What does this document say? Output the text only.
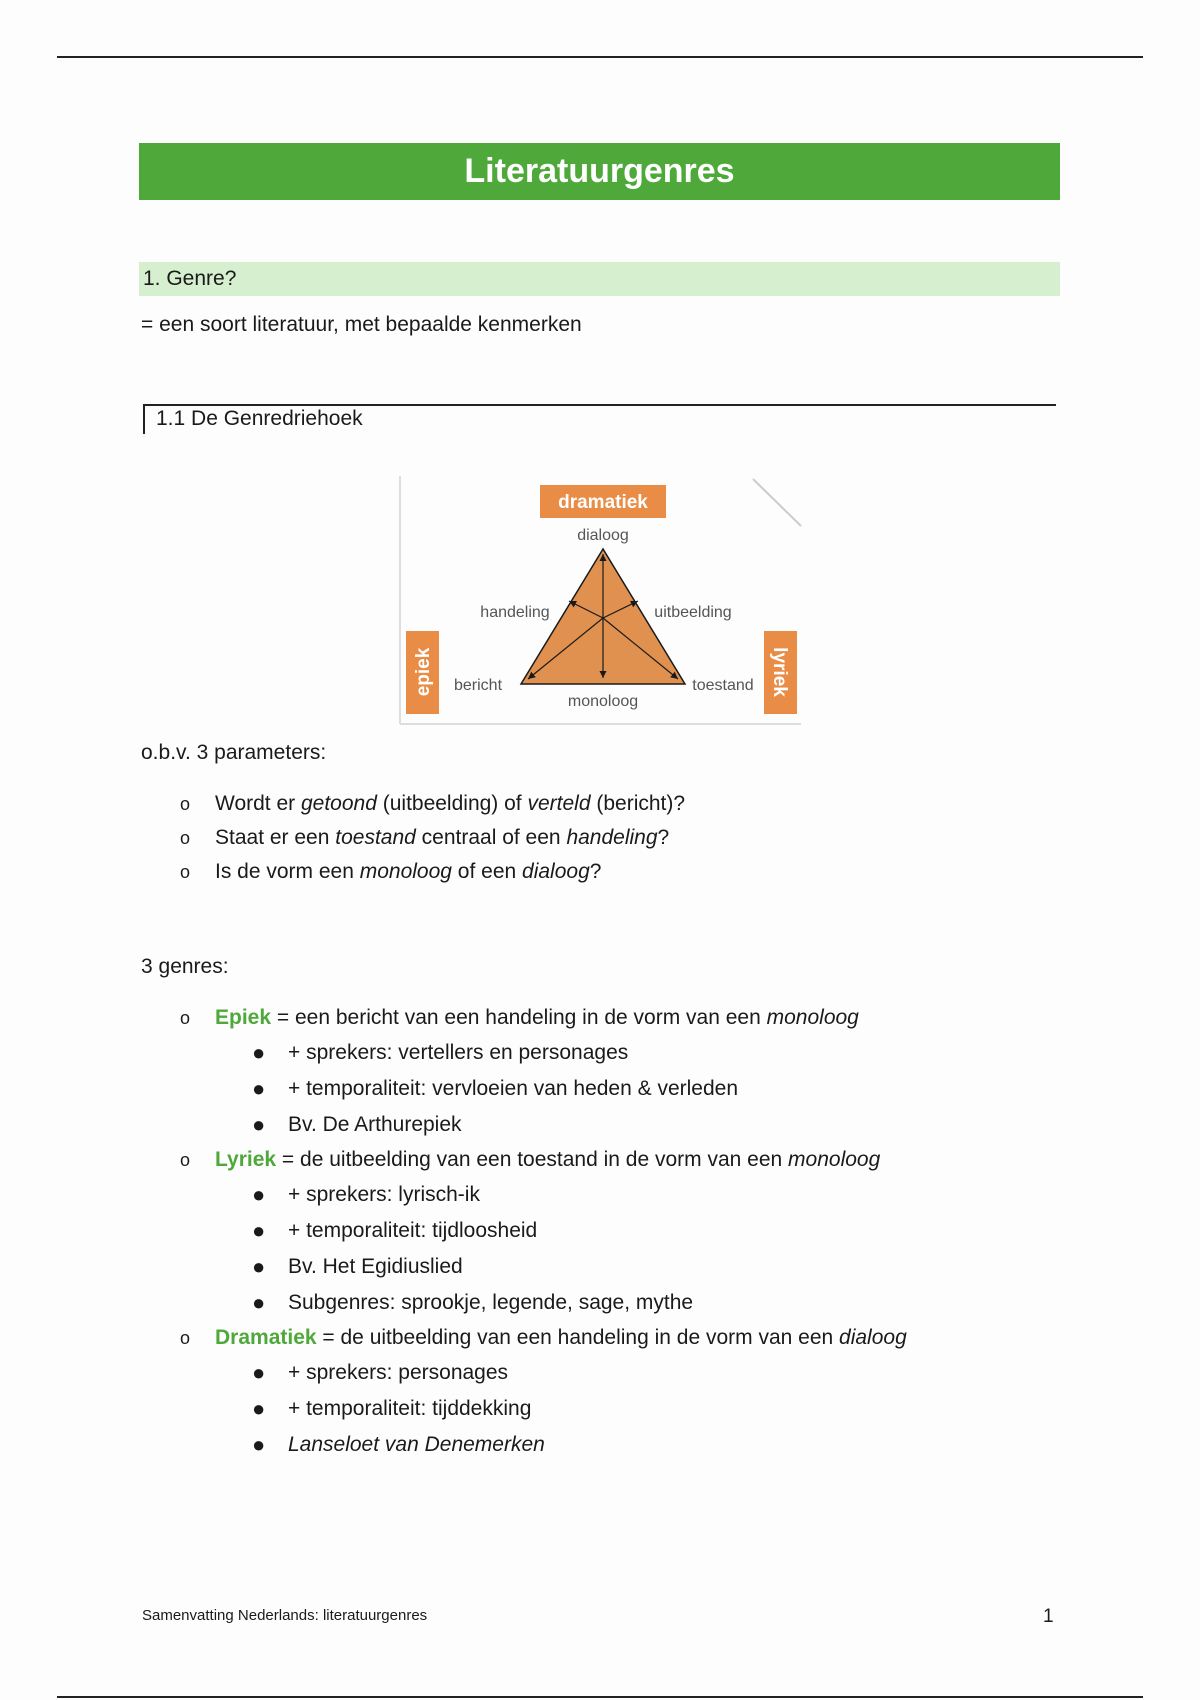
Literatuurgenres
1. Genre?
= een soort literatuur, met bepaalde kenmerken
1.1 De Genredriehoek
dramatiek
epiek	lyriek
dialoog
bericht	toestand
handeling	uitbeelding
monoloog
o.b.v. 3 parameters:
o Wordt er getoond (uitbeelding) of verteld (bericht)?
o Staat er een toestand centraal of een handeling?
o Is de vorm een monoloog of een dialoog?
3 genres:
o Epiek = een bericht van een handeling in de vorm van een monoloog
● + sprekers: vertellers en personages
● + temporaliteit: vervloeien van heden & verleden
● Bv. De Arthurepiek
o Lyriek = de uitbeelding van een toestand in de vorm van een monoloog
● + sprekers: lyrisch-ik
● + temporaliteit: tijdloosheid
● Bv. Het Egidiuslied
● Subgenres: sprookje, legende, sage, mythe
o Dramatiek = de uitbeelding van een handeling in de vorm van een dialoog
● + sprekers: personages
● + temporaliteit: tijddekking
● Lanseloet van Denemerken
Samenvatting Nederlands: literatuurgenres	1
